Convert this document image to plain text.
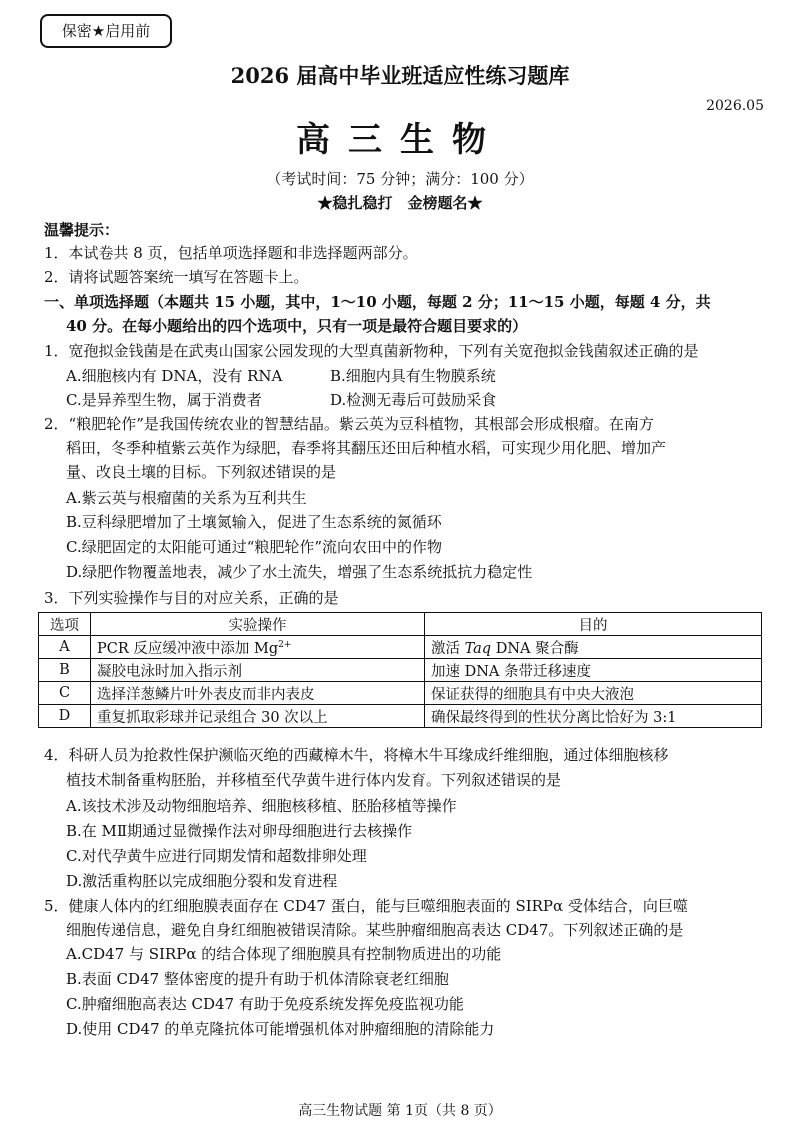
保密★启用前
2026 届高中毕业班适应性练习题库
2026.05
高三生物
（考试时间：75 分钟；满分：100 分）
★稳扎稳打　金榜题名★
温馨提示：
1．本试卷共 8 页，包括单项选择题和非选择题两部分。
2．请将试题答案统一填写在答题卡上。
一、单项选择题（本题共 15 小题，其中，1～10 小题，每题 2 分；11～15 小题，每题 4 分，共
40 分。在每小题给出的四个选项中，只有一项是最符合题目要求的）
1．宽孢拟金钱菌是在武夷山国家公园发现的大型真菌新物种，下列有关宽孢拟金钱菌叙述正确的是
A.细胞核内有 DNA，没有 RNA	B.细胞内具有生物膜系统
C.是异养型生物，属于消费者	D.检测无毒后可鼓励采食
2．“粮肥轮作”是我国传统农业的智慧结晶。紫云英为豆科植物，其根部会形成根瘤。在南方
稻田，冬季种植紫云英作为绿肥，春季将其翻压还田后种植水稻，可实现少用化肥、增加产
量、改良土壤的目标。下列叙述错误的是
A.紫云英与根瘤菌的关系为互利共生
B.豆科绿肥增加了土壤氮输入，促进了生态系统的氮循环
C.绿肥固定的太阳能可通过“粮肥轮作”流向农田中的作物
D.绿肥作物覆盖地表，减少了水土流失，增强了生态系统抵抗力稳定性
3．下列实验操作与目的对应关系，正确的是
选项	实验操作	目的
A	PCR 反应缓冲液中添加 $Mg^{2+}$	激活 Taq DNA 聚合酶
B	凝胶电泳时加入指示剂	加速 DNA 条带迁移速度
C	选择洋葱鳞片叶外表皮而非内表皮	保证获得的细胞具有中央大液泡
D	重复抓取彩球并记录组合 30 次以上	确保最终得到的性状分离比恰好为 3:1
4．科研人员为抢救性保护濒临灭绝的西藏樟木牛，将樟木牛耳缘成纤维细胞，通过体细胞核移
植技术制备重构胚胎，并移植至代孕黄牛进行体内发育。下列叙述错误的是
A.该技术涉及动物细胞培养、细胞核移植、胚胎移植等操作
B.在 MⅡ期通过显微操作法对卵母细胞进行去核操作
C.对代孕黄牛应进行同期发情和超数排卵处理
D.激活重构胚以完成细胞分裂和发育进程
5．健康人体内的红细胞膜表面存在 CD47 蛋白，能与巨噬细胞表面的 SIRPα 受体结合，向巨噬
细胞传递信息，避免自身红细胞被错误清除。某些肿瘤细胞高表达 CD47。下列叙述正确的是
A.CD47 与 SIRPα 的结合体现了细胞膜具有控制物质进出的功能
B.表面 CD47 整体密度的提升有助于机体清除衰老红细胞
C.肿瘤细胞高表达 CD47 有助于免疫系统发挥免疫监视功能
D.使用 CD47 的单克隆抗体可能增强机体对肿瘤细胞的清除能力
高三生物试题 第 1页（共 8 页）
